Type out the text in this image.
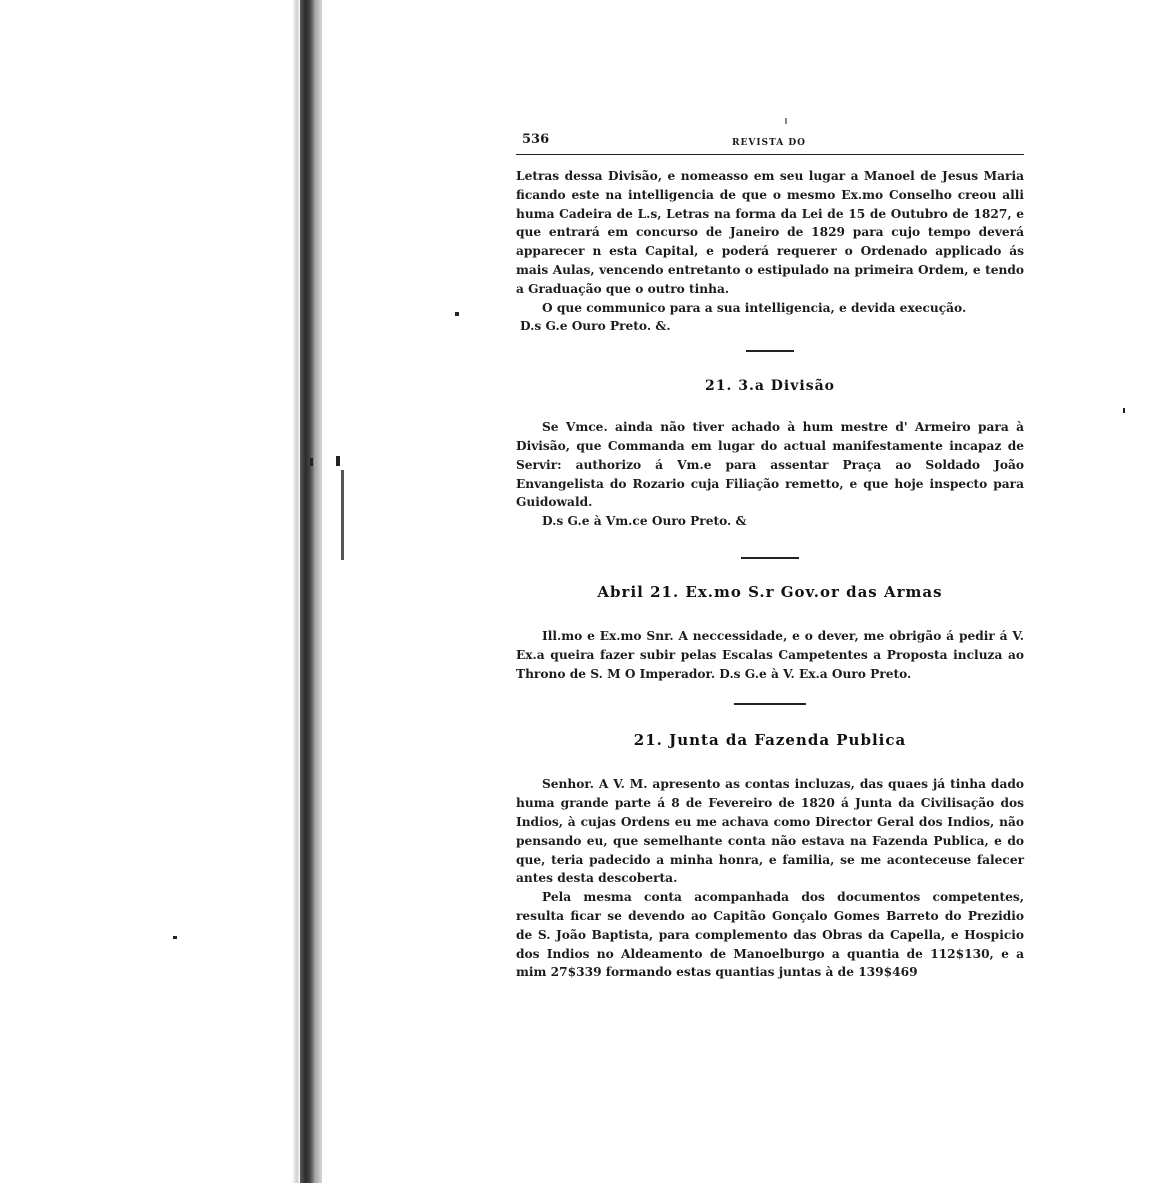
536	REVISTA DO

Letras dessa Divisão, e nomeasso em seu lugar a Manoel de Jesus Maria ficando este na intelligencia de que o mesmo Ex.mo Conselho creou alli huma Cadeira de L.s, Letras na forma da Lei de 15 de Outubro de 1827, e que entrará em concurso de Janeiro de 1829 para cujo tempo deverá apparecer n esta Capital, e poderá requerer o Ordenado applicado ás mais Aulas, vencendo entretanto o estipulado na primeira Ordem, e tendo a Graduação que o outro tinha.

O que communico para a sua intelligencia, e devida execução.

D.s G.e Ouro Preto. &.

21. 3.a Divisão

Se Vmce. ainda não tiver achado à hum mestre d' Armeiro para à Divisão, que Commanda em lugar do actual manifestamente incapaz de Servir: authorizo á Vm.e para assentar Praça ao Soldado João Envangelista do Rozario cuja Filiação remetto, e que hoje inspecto para Guidowald.

D.s G.e à Vm.ce Ouro Preto. &

Abril 21. Ex.mo S.r Gov.or das Armas

Ill.mo e Ex.mo Snr. A neccessidade, e o dever, me obrigão á pedir á V. Ex.a queira fazer subir pelas Escalas Campetentes a Proposta incluza ao Throno de S. M O Imperador. D.s G.e à V. Ex.a Ouro Preto.

21. Junta da Fazenda Publica

Senhor. A V. M. apresento as contas incluzas, das quaes já tinha dado huma grande parte á 8 de Fevereiro de 1820 á Junta da Civilisação dos Indios, à cujas Ordens eu me achava como Director Geral dos Indios, não pensando eu, que semelhante conta não estava na Fazenda Publica, e do que, teria padecido a minha honra, e familia, se me aconteceuse falecer antes desta descoberta.

Pela mesma conta acompanhada dos documentos competentes, resulta ficar se devendo ao Capitão Gonçalo Gomes Barreto do Prezidio de S. João Baptista, para complemento das Obras da Capella, e Hospicio dos Indios no Aldeamento de Manoelburgo a quantia de 112$130, e a mim 27$339 formando estas quantias juntas à de 139$469
